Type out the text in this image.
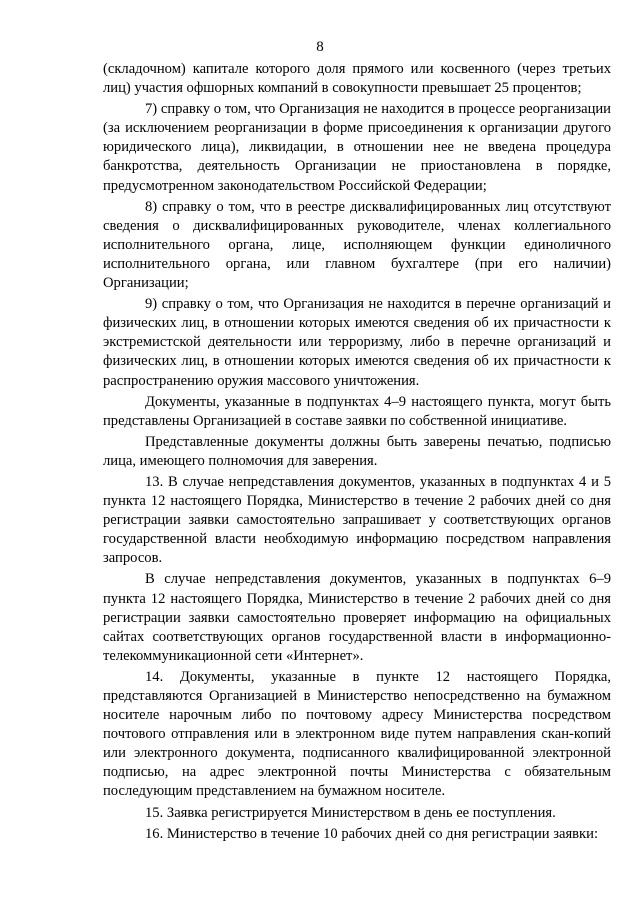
8

(складочном) капитале которого доля прямого или косвенного (через третьих лиц) участия офшорных компаний в совокупности превышает 25 процентов;

7) справку о том, что Организация не находится в процессе реорганизации (за исключением реорганизации в форме присоединения к организации другого юридического лица), ликвидации, в отношении нее не введена процедура банкротства, деятельность Организации не приостановлена в порядке, предусмотренном законодательством Российской Федерации;

8) справку о том, что в реестре дисквалифицированных лиц отсутствуют сведения о дисквалифицированных руководителе, членах коллегиального исполнительного органа, лице, исполняющем функции единоличного исполнительного органа, или главном бухгалтере (при его наличии) Организации;

9) справку о том, что Организация не находится в перечне организаций и физических лиц, в отношении которых имеются сведения об их причастности к экстремистской деятельности или терроризму, либо в перечне организаций и физических лиц, в отношении которых имеются сведения об их причастности к распространению оружия массового уничтожения.

Документы, указанные в подпунктах 4–9 настоящего пункта, могут быть представлены Организацией в составе заявки по собственной инициативе.

Представленные документы должны быть заверены печатью, подписью лица, имеющего полномочия для заверения.

13. В случае непредставления документов, указанных в подпунктах 4 и 5 пункта 12 настоящего Порядка, Министерство в течение 2 рабочих дней со дня регистрации заявки самостоятельно запрашивает у соответствующих органов государственной власти необходимую информацию посредством направления запросов.

В случае непредставления документов, указанных в подпунктах 6–9 пункта 12 настоящего Порядка, Министерство в течение 2 рабочих дней со дня регистрации заявки самостоятельно проверяет информацию на официальных сайтах соответствующих органов государственной власти в информационно-телекоммуникационной сети «Интернет».

14. Документы, указанные в пункте 12 настоящего Порядка, представляются Организацией в Министерство непосредственно на бумажном носителе нарочным либо по почтовому адресу Министерства посредством почтового отправления или в электронном виде путем направления скан-копий или электронного документа, подписанного квалифицированной электронной подписью, на адрес электронной почты Министерства с обязательным последующим представлением на бумажном носителе.

15. Заявка регистрируется Министерством в день ее поступления.

16. Министерство в течение 10 рабочих дней со дня регистрации заявки:
